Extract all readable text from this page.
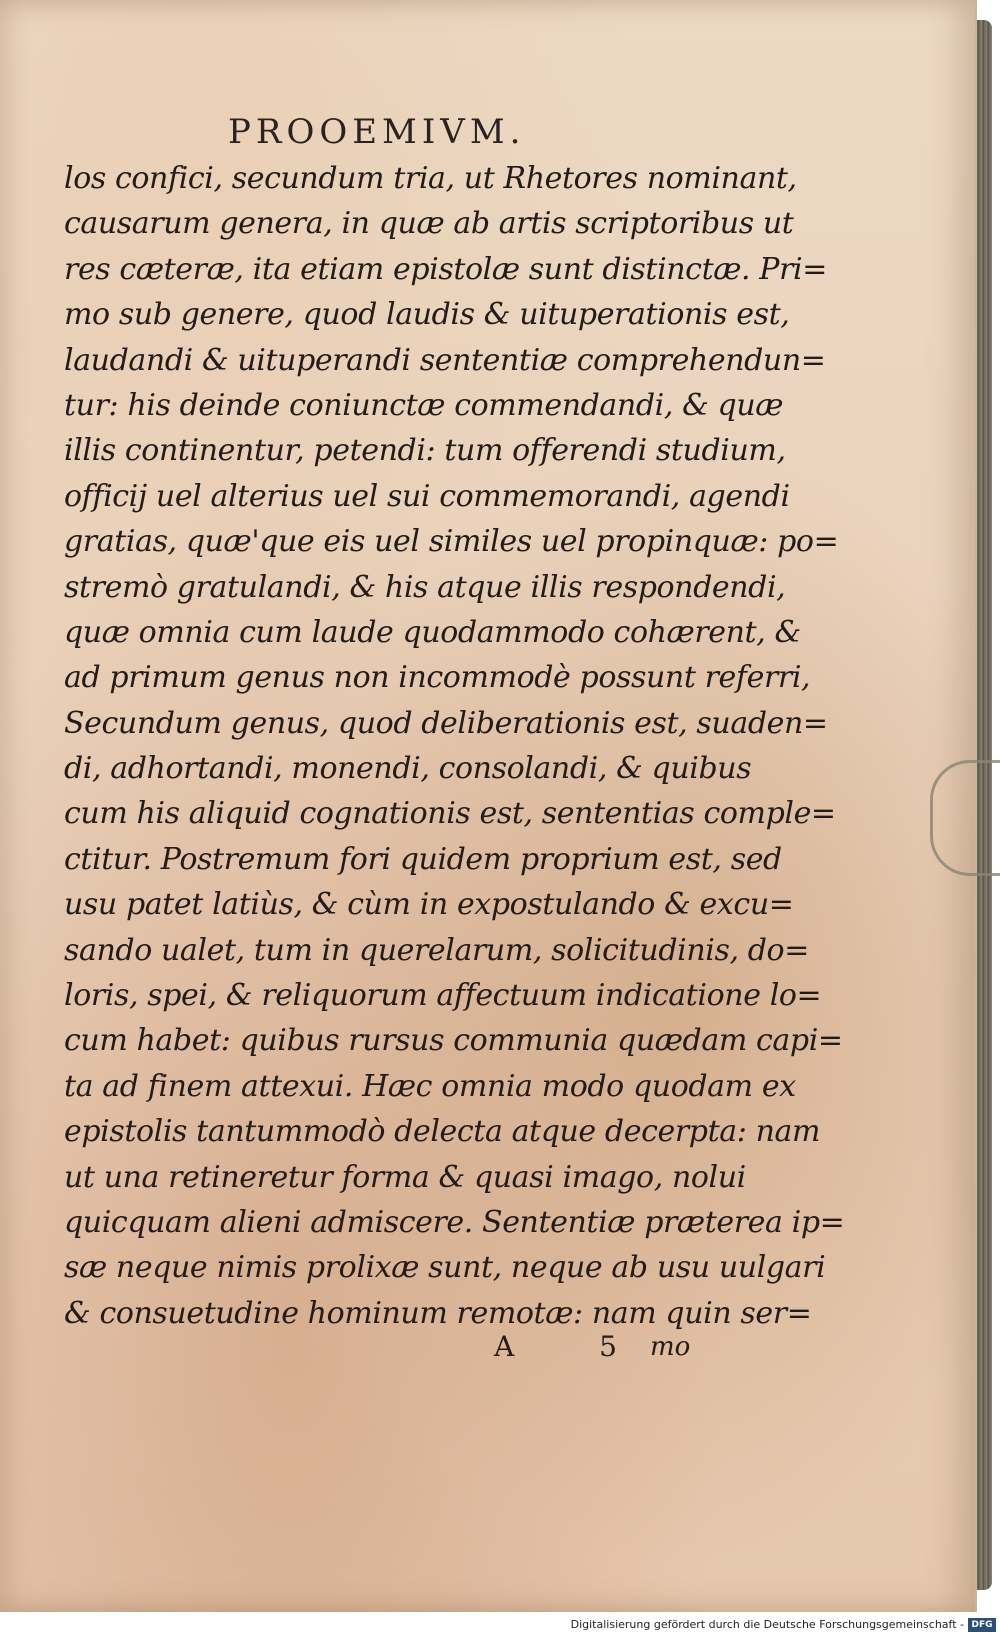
PROOEMIVM.
los confici, secundum tria, ut Rhetores nominant,
causarum genera, in quæ ab artis scriptoribus ut
res cæteræ, ita etiam epistolæ sunt distinctæ. Pri=
mo sub genere, quod laudis & uituperationis est,
laudandi & uituperandi sententiæ comprehendun=
tur: his deinde coniunctæ commendandi, & quæ
illis continentur, petendi: tum offerendi studium,
officij uel alterius uel sui commemorandi, agendi
gratias, quæ'que eis uel similes uel propinquæ: po=
stremò gratulandi, & his atque illis respondendi,
quæ omnia cum laude quodammodo cohærent, &
ad primum genus non incommodè possunt referri,
Secundum genus, quod deliberationis est, suaden=
di, adhortandi, monendi, consolandi, & quibus
cum his aliquid cognationis est, sententias comple=
ctitur. Postremum fori quidem proprium est, sed
usu patet latiùs, & cùm in expostulando & excu=
sando ualet, tum in querelarum, solicitudinis, do=
loris, spei, & reliquorum affectuum indicatione lo=
cum habet: quibus rursus communia quædam capi=
ta ad finem attexui. Hæc omnia modo quodam ex
epistolis tantummodò delecta atque decerpta: nam
ut una retineretur forma & quasi imago, nolui
quicquam alieni admiscere. Sententiæ præterea ip=
sæ neque nimis prolixæ sunt, neque ab usu uulgari
& consuetudine hominum remotæ: nam quin ser=
A 5
mo
Digitalisierung gefördert durch die Deutsche Forschungsgemeinschaft - DFG
